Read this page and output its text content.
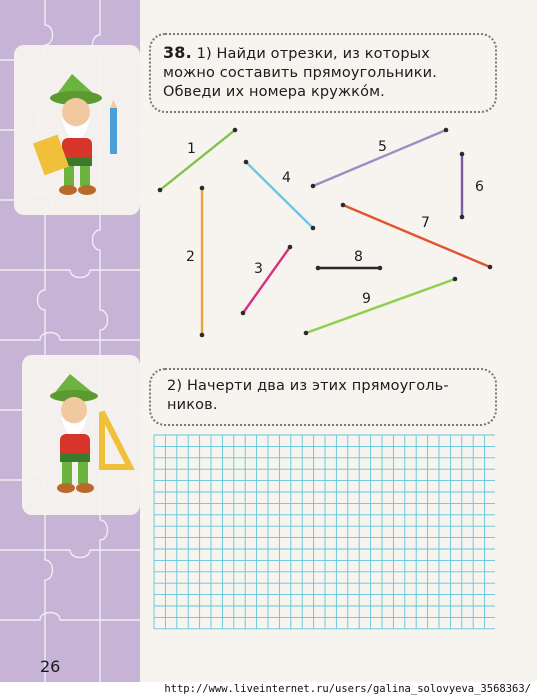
38. 1) Найди отрезки, из которых
можно составить прямоугольники.
Обведи их номера кружко́м.
1
2
3
4
5
6
7
8
9
2) Начерти два из этих прямоуголь-
ников.
26
http://www.liveinternet.ru/users/galina_solovyeva_3568363/
